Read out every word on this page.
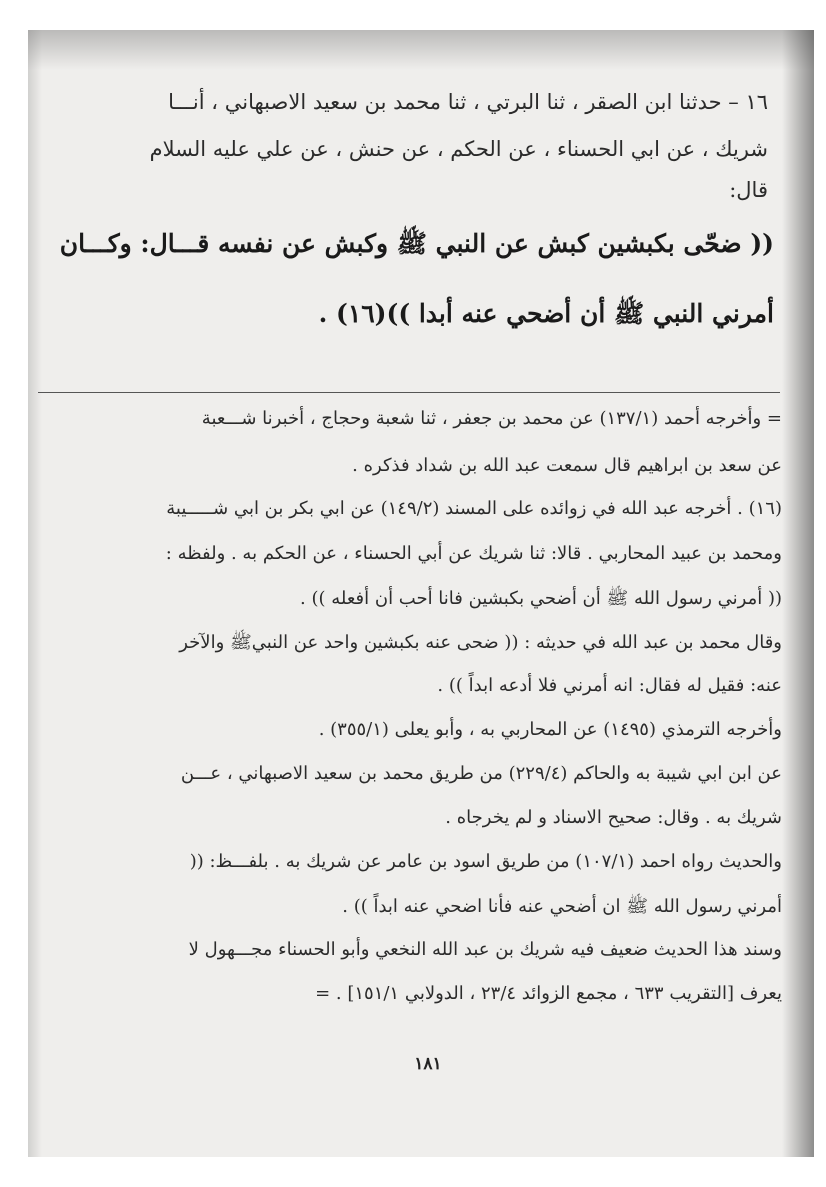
١٦ – حدثنا ابن الصقر ، ثنا البرتي ، ثنا محمد بن سعيد الاصبهاني ، أنـــا
شريك ، عن ابي الحسناء ، عن الحكم ، عن حنش ، عن علي عليه السلام
قال:
(( ضحّى بكبشين كبش عن النبي ﷺ وكبش عن نفسه قـــال: وكـــان
أمرني النبي ﷺ أن أضحي عنه أبدا ))(١٦) .
= وأخرجه أحمد (١٣٧/١) عن محمد بن جعفر ، ثنا شعبة وحجاج ، أخبرنا شـــعبة
عن سعد بن ابراهيم قال سمعت عبد الله بن شداد فذكره .
(١٦) . أخرجه عبد الله في زوائده على المسند (١٤٩/٢) عن ابي بكر بن ابي شـــــيبة
ومحمد بن عبيد المحاربي . قالا: ثنا شريك عن أبي الحسناء ، عن الحكم به . ولفظه :
(( أمرني رسول الله ﷺ أن أضحي بكبشين فانا أحب أن أفعله )) .
وقال محمد بن عبد الله في حديثه : (( ضحى عنه بكبشين واحد عن النبيﷺ والآخر
عنه: فقيل له فقال: انه أمرني فلا أدعه ابداً )) .
وأخرجه الترمذي (١٤٩٥) عن المحاربي به ، وأبو يعلى (٣٥٥/١) .
عن ابن ابي شيبة به والحاكم (٢٢٩/٤) من طريق محمد بن سعيد الاصبهاني ، عـــن
شريك به . وقال: صحيح الاسناد و لم يخرجاه .
والحديث رواه احمد (١٠٧/١) من طريق اسود بن عامر عن شريك به . بلفـــظ: ((
أمرني رسول الله ﷺ ان أضحي عنه فأنا اضحي عنه ابداً )) .
وسند هذا الحديث ضعيف فيه شريك بن عبد الله النخعي وأبو الحسناء مجـــهول لا
يعرف [التقريب ٦٣٣ ، مجمع الزوائد ٢٣/٤ ، الدولابي ١٥١/١] . =
١٨١
